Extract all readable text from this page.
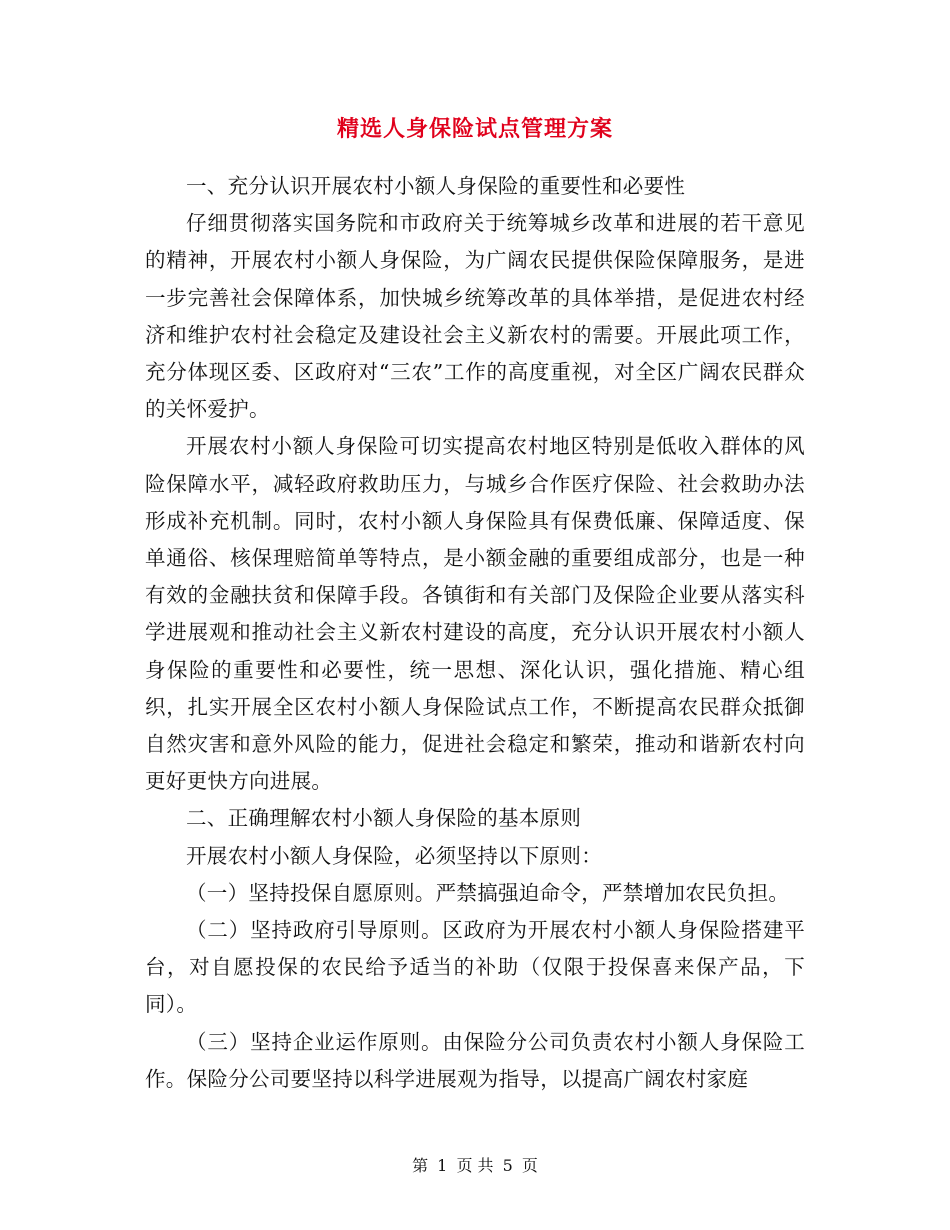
精选人身保险试点管理方案

一、充分认识开展农村小额人身保险的重要性和必要性

仔细贯彻落实国务院和市政府关于统筹城乡改革和进展的若干意见的精神，开展农村小额人身保险，为广阔农民提供保险保障服务，是进一步完善社会保障体系，加快城乡统筹改革的具体举措，是促进农村经济和维护农村社会稳定及建设社会主义新农村的需要。开展此项工作，充分体现区委、区政府对“三农”工作的高度重视，对全区广阔农民群众的关怀爱护。

开展农村小额人身保险可切实提高农村地区特别是低收入群体的风险保障水平，减轻政府救助压力，与城乡合作医疗保险、社会救助办法形成补充机制。同时，农村小额人身保险具有保费低廉、保障适度、保单通俗、核保理赔简单等特点，是小额金融的重要组成部分，也是一种有效的金融扶贫和保障手段。各镇街和有关部门及保险企业要从落实科学进展观和推动社会主义新农村建设的高度，充分认识开展农村小额人身保险的重要性和必要性，统一思想、深化认识，强化措施、精心组织，扎实开展全区农村小额人身保险试点工作，不断提高农民群众抵御自然灾害和意外风险的能力，促进社会稳定和繁荣，推动和谐新农村向更好更快方向进展。

二、正确理解农村小额人身保险的基本原则

开展农村小额人身保险，必须坚持以下原则：

（一）坚持投保自愿原则。严禁搞强迫命令，严禁增加农民负担。

（二）坚持政府引导原则。区政府为开展农村小额人身保险搭建平台，对自愿投保的农民给予适当的补助（仅限于投保喜来保产品，下同）。

（三）坚持企业运作原则。由保险分公司负责农村小额人身保险工作。保险分公司要坚持以科学进展观为指导，以提高广阔农村家庭

第 1 页 共 5 页
